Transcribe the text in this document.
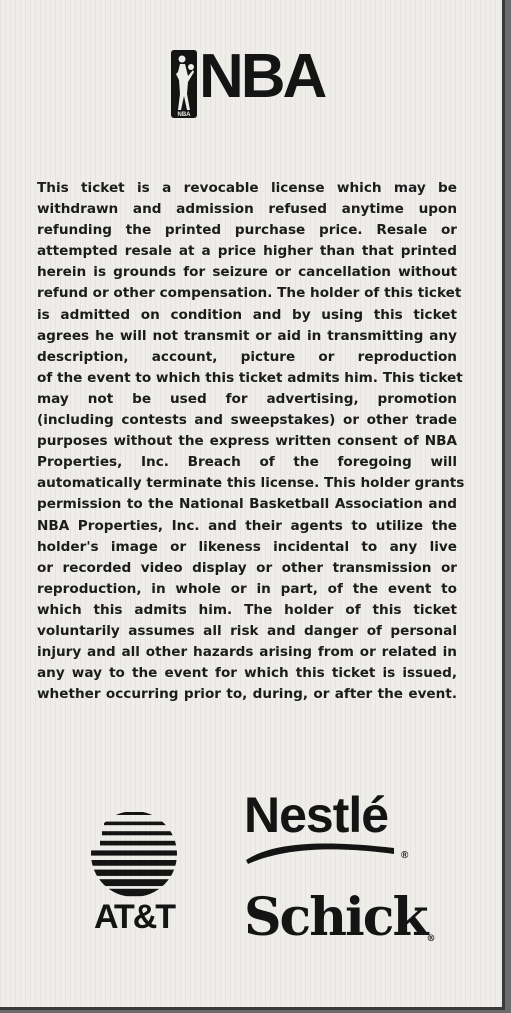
NBA
NBA
This ticket is a revocable license which may be
withdrawn and admission refused anytime upon
refunding the printed purchase price. Resale or
attempted resale at a price higher than that printed
herein is grounds for seizure or cancellation without
refund or other compensation. The holder of this ticket
is admitted on condition and by using this ticket
agrees he will not transmit or aid in transmitting any
description, account, picture or reproduction
of the event to which this ticket admits him. This ticket
may not be used for advertising, promotion
(including contests and sweepstakes) or other trade
purposes without the express written consent of NBA
Properties, Inc. Breach of the foregoing will
automatically terminate this license. This holder grants
permission to the National Basketball Association and
NBA Properties, Inc. and their agents to utilize the
holder's image or likeness incidental to any live
or recorded video display or other transmission or
reproduction, in whole or in part, of the event to
which this admits him. The holder of this ticket
voluntarily assumes all risk and danger of personal
injury and all other hazards arising from or related in
any way to the event for which this ticket is issued,
whether occurring prior to, during, or after the event.
AT&T
Nestlé
®
Schick®
